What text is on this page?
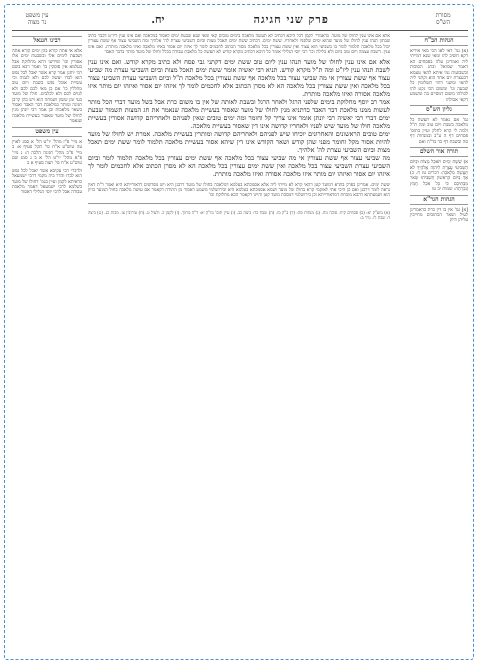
מסורת
הש"ס
פרק שני חגיגה
יח.
עין משפט
נר מצוה
הגהות הב"ח

(א) גמ' דאי לאו הכי מאי איריא דקא חשיב להו ומאי שנא דמייתי ליה ואמרינן עלה בפסחים הא דאמר שמואל ובחג הסוכות ובשבועות נמי איתא להאי טעמא דבעצרת יום אחד הוא וקתני ליה להאי ומשני דהוי תשלומין כל שבעה וגו' ומשום הכי נקט להו לכולהו משום דמסיים בה ומשמע דקאי אכולהו

גליון הש"ס

גמ' אם נאמר לא תעשה כל מלאכה בשבת ויום טוב ומה ת"ל ולמה לי קרא לחלק ועיין בתוס' פסחים דף ה ע"ב ובמנחות דף סה ובשבת דף כד בד"ה ואם

תורה אור השלם

א) שֵׁשֶׁת יָמִים תֹּאכַל מַצּוֹת וּבַיּוֹם הַשְּׁבִיעִי עֲצֶרֶת לַיהוָה אֱלֹהֶיךָ לֹא תַעֲשֶׂה מְלָאכָה: דברים טז ח. ב) אַךְ בַּיּוֹם הָרִאשׁוֹן תַּשְׁבִּיתוּ שְּׂאֹר מִבָּתֵּיכֶם כִּי כָּל אֹכֵל חָמֵץ וְנִכְרְתָה: שמות יב טו

הגהות הגר"א

[א] גמ' אין בו דין כרת כדאמרינן לעיל ושאר הכתובים מחייבין עליהן ודוק

אלא אם אינו ענין לחולו של מועד. כדאמרי' לקמן דכל היכא דכתיב לא תעשה מלאכה בימים טובים קאי ומאי שנא שבעת ימים לאסור במלאכה ואם אינו ענין ליו"ט דכבר כתיב שבתון תנהו ענין לחולו של מועד שהוא ימים שלפניו ולאחריו. ששת ימים. דכתיב ששת ימים תאכל מצות וביום השביעי עצרת לה' אלהיך ומה השביעי עצור אף ששת עצורין יכול בכל מלאכה תלמוד לומר בו בשביעי הוא עצור ואין ששת עצורין בכל מלאכה מסור הכתוב לחכמים לומר לך איזה יום אסור באיזו מלאכה ואיזו מלאכה מותרת. ואם אינו ענין. דשבת עצמה ויום טוב ביום ולא בלילה וכו' רבי יוסי הגלילי אומר כל היכא דכתיב מקרא קודש לא תעשה כל מלאכת עבודה בכלל וחולו של מועד מותר בדבר האבד

אלא אם אינו ענין לחולו של מועד תנהו ענין ליום טוב ששת ימים דקתני גבי פסח ולא כתיב מקרא קודש. ואם אינו ענין לשבת תנהו ענין ליו"ט ומה ת"ל מקרא קודש. תניא רבי יאשיה אומר ששת ימים תאכל מצות וביום השביעי עצרת מה שביעי עצור אף ששת עצורין אי מה שביעי עצור בכל מלאכה אף ששת עצורין בכל מלאכה ת"ל וביום השביעי עצרת השביעי עצור בכל מלאכה ואין ששת עצורין בכל מלאכה הא לא מסרן הכתוב אלא לחכמים לומר לך איזהו יום אסור ואיזהו יום מותר איזו מלאכה אסורה ואיזו מלאכה מותרת.

אמר רב יוסף מחלוקת בימים שלפני הרגל ולאחר הרגל ובשבת לאותה של אין בו משום כרת אבל בשל מועד דברי הכל מותר לעשות ממנו מלאכת דבר האבד כדתניא מנין לחולו של מועד שאסור בעשיית מלאכה שנאמר את חג המצות תשמור שבעת ימים דברי רבי יאשיה רבי יונתן אומר אינו צריך קל וחומר ומה ימים טובים שאין לפניהם ולאחריהם קדושה אסורין בעשיית מלאכה חולו של מועד שיש לפניו ולאחריו קדושה אינו דין שאסור בעשיית מלאכה.

ימים טובים הראשונים והאחרונים יוכיחו שיש לפניהם ולאחריהם קדושה ומותרין בעשיית מלאכה. אמרת יש לחולו של מועד להיות אסור מקל וחומר מפני שהן קודש ושאר הקודש אינו דין שיהא אסור בעשיית מלאכה תלמוד לומר ששת ימים תאכל מצות וביום השביעי עצרת לה' אלהיך.

מה שביעי עצור אף ששת עצורין אי מה שביעי עצור בכל מלאכה אף ששת ימים עצורין בכל מלאכה תלמוד לומר וביום השביעי עצרת השביעי עצור בכל מלאכה ואין ששת ימים עצורין בכל מלאכה הא לא מסרן הכתוב אלא לחכמים לומר לך איזהו יום אסור ואיזהו יום מותר איזו מלאכה אסורה ואיזו מלאכה מותרת.

ששת ימים. אמרינן בפרק בתרא דמועד קטן דהאי קרא לא מייתי ליה אלא אסמכתא בעלמא דמלאכה בחולו של מועד דרבנן היא ויש מפרשים דדאורייתא היא ואמר ר"ת דאין נראה לומר דרבנן ואם כן היכי אתי לאוקמי קרא בחולו של מועד ושמא אסמכתא בעלמא היא ובירושלמי משמע דאסור מן התורה דקאמר אם עושה מלאכה בחול המועד בזיון הוא ושמעתתא דהכא מוכחת דמדאורייתא וכן בירושלמי דמסכת מועד קטן והיינו דקאמר הכא מחלוקת וכו'

(א) מוע"ק יא: (ב) פסחים קיח. סוכה מח. (ג) מנחות סה: (ד) ב"ק מו. (ה) שבת כד: ביצה כב. (ו) עיין תוס' מו"ק יא: ד"ה מתוך. (ז) לקמן כ. ולעיל ט. (ח) עירובין צו. מכות כג. (ט) ביצה ד: שבת לז. נזיר ב:

רבינו חננאל

אלא אי אתה קורא בהן ימים קורא אתה ושבעת לימים אלו ובשבעת ימים אלו אסורין וכו' ופירשו דהא מחלוקת אבל בעלמא אין פוסקין כו' ואמר רבא בשם רבי יוחנן אמר קרא אשר יאכל לכל נפש הוא לבדו יעשה לכם ולא לגבוה וכי עשיית אוכל נפש בשבת ויום טוב מחללין כו' אם כן מאי לכם לכם ולא לגוים לכם ולא לכלבים. חולו של מועד בעי זמן ששון ושמחה הוא ויש בהן קרבן חגיגה ומותר במלאכת דבר האבד ואסור בשאר מלאכות וכן אמר רבי יונתן מנין לחולו של מועד שאסור בעשיית מלאכה שנאמר

עין משפט

א מיי' פ"ז מהל' יו"ט הל' א סמג לאוין עה טוש"ע א"ח סי' תקל סעיף א: ב מיי' פ"ב מהל' חגיגה הלכה ה: ג מיי' פ"א מהל' יו"ט הל' א ב ג סמג שם טוש"ע א"ח סי' תצה סעיף א ב

ולדברי רבי עקיבא אשר יאכל לכל נפש הוא לבדו והדר ביה מקמי דרבי ישמעאל כדאיתא לקמן ועיין בגמ' דחולו של מועד בשלמא לרבי ישמעאל דאמר מלאכת עבודה אבל לרבי יוסי הגלילי דאסור
